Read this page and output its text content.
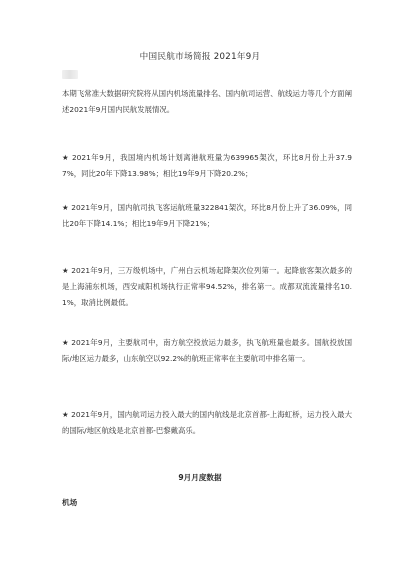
中国民航市场简报 2021年9月

本期飞常准大数据研究院将从国内机场流量排名、国内航司运营、航线运力等几个方面阐述2021年9月国内民航发展情况。

★ 2021年9月，我国境内机场计划离港航班量为639965架次，环比8月份上升37.97%，同比20年下降13.98%；相比19年9月下降20.2%；

★ 2021年9月，国内航司执飞客运航班量322841架次，环比8月份上升了36.09%，同比20年下降14.1%；相比19年9月下降21%；

★ 2021年9月，三万级机场中，广州白云机场起降架次位列第一。起降旅客架次最多的是上海浦东机场，西安咸阳机场执行正常率94.52%，排名第一。成都双流流量排名10.1%，取消比例最低。

★ 2021年9月，主要航司中，南方航空投放运力最多，执飞航班量也最多。国航投放国际/地区运力最多，山东航空以92.2%的航班正常率在主要航司中排名第一。

★ 2021年9月，国内航司运力投入最大的国内航线是北京首都-上海虹桥，运力投入最大的国际/地区航线是北京首都-巴黎戴高乐。

9月月度数据
机场
